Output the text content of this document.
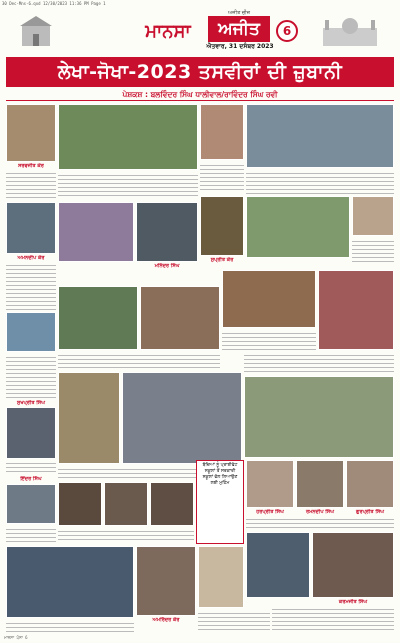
30 Dec-Mns-6.qxd 12/30/2023 11:36 PM Page 1
ਮਾਨਸਾ
ਅਜੀਤ ਚੀਜ਼
ਅਜੀਤ
ਐਤਵਾਰ, 31 ਦਸੰਬਰ 2023
6
ਲੇਖਾ-ਜੋਖਾ-2023 ਤਸਵੀਰਾਂ ਦੀ ਜ਼ੁਬਾਨੀ
ਪੇਸ਼ਕਸ਼ : ਬਲਵਿੰਦਰ ਸਿੰਘ ਧਾਲੀਵਾਲ/ਰਾਵਿੰਦਰ ਸਿੰਘ ਰਵੀ
ਸਰਵਜੀਤ ਕੌਰ
ਅਮਨਦੀਪ ਕੌਰ
ਮਨਿੰਦਰ ਸਿੰਘ
ਸੁਪ੍ਰੀਤ ਕੌਰ
ਸੁਖਪ੍ਰੀਤ ਸਿੰਘ
ਇੰਦਰ ਸਿੰਘ
ਬੱਚਿਆਂ ਨੂੰ ਪ੍ਰਾਈਵੇਟ ਸਕੂਲਾਂ ਤੋਂ ਸਰਕਾਰੀ ਸਕੂਲਾਂ ਵੱਲ ਲਿਆਉਣ ਲਈ ਮੁਹਿੰਮ
ਹਰਪ੍ਰੀਤ ਸਿੰਘ	ਰਮਨਦੀਪ ਸਿੰਘ	ਗੁਰਪ੍ਰੀਤ ਸਿੰਘ
ਅਮਰਿੰਦਰ ਕੌਰ
ਕਰਮਜੀਤ ਸਿੰਘ
ਮਾਨਸਾ ਪੰਨਾ 6
